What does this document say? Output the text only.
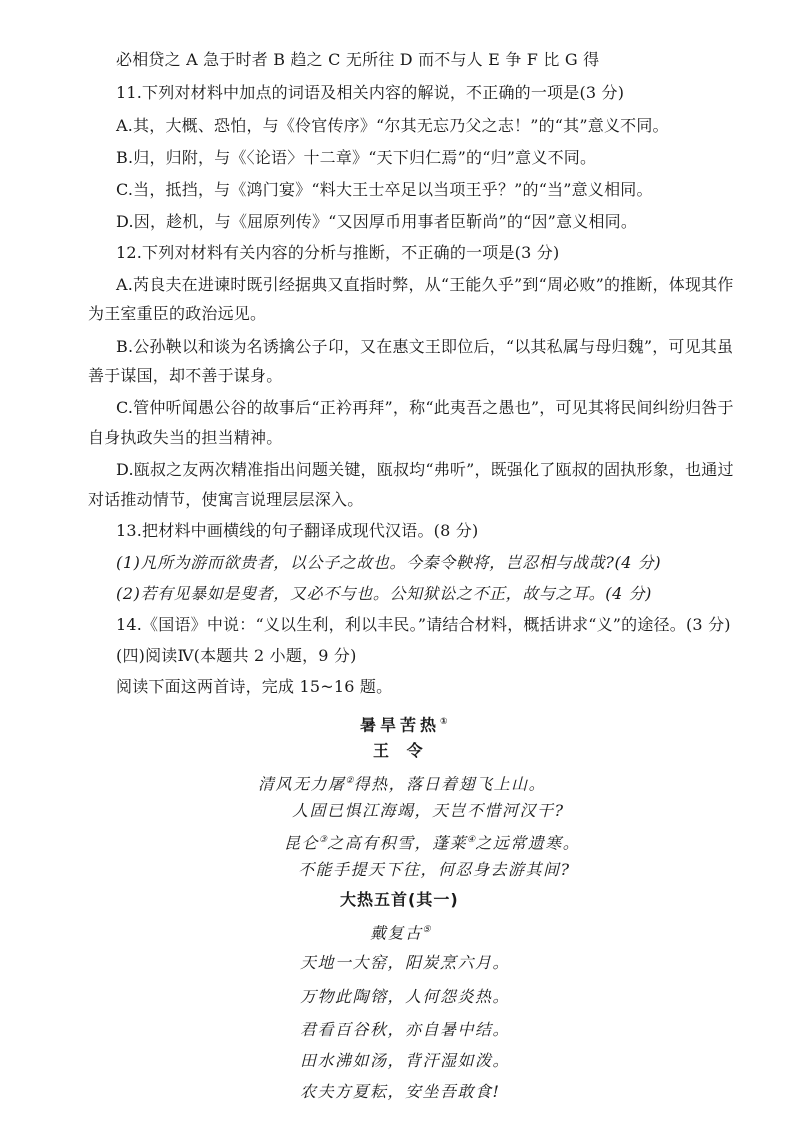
必相贷之 A 急于时者 B 趋之 C 无所往 D 而不与人 E 争 F 比 G 得
11.下列对材料中加点的词语及相关内容的解说，不正确的一项是(3 分)
A.其，大概、恐怕，与《伶官传序》“尔其无忘乃父之志！”的“其”意义不同。
B.归，归附，与《〈论语〉十二章》“天下归仁焉”的“归”意义不同。
C.当，抵挡，与《鸿门宴》“料大王士卒足以当项王乎？”的“当”意义相同。
D.因，趁机，与《屈原列传》“又因厚币用事者臣靳尚”的“因”意义相同。
12.下列对材料有关内容的分析与推断，不正确的一项是(3 分)
A.芮良夫在进谏时既引经据典又直指时弊，从“王能久乎”到“周必败”的推断，体现其作
为王室重臣的政治远见。
B.公孙鞅以和谈为名诱擒公子卬，又在惠文王即位后，“以其私属与母归魏”，可见其虽
善于谋国，却不善于谋身。
C.管仲听闻愚公谷的故事后“正衿再拜”，称“此夷吾之愚也”，可见其将民间纠纷归咎于
自身执政失当的担当精神。
D.瓯叔之友两次精准指出问题关键，瓯叔均“弗听”，既强化了瓯叔的固执形象，也通过
对话推动情节，使寓言说理层层深入。
13.把材料中画横线的句子翻译成现代汉语。(8 分)
(1)凡所为游而欲贵者，以公子之故也。今秦令鞅将，岂忍相与战哉?(4 分)
(2)若有见暴如是叟者，又必不与也。公知狱讼之不正，故与之耳。(4 分)
14.《国语》中说：“义以生利，利以丰民。”请结合材料，概括讲求“义”的途径。(3 分)
(四)阅读Ⅳ(本题共 2 小题，9 分)
阅读下面这两首诗，完成 15~16 题。
暑旱苦热①
王 令
清风无力屠②得热，落日着翅飞上山。
人固已惧江海竭，天岂不惜河汉干?
昆仑③之高有积雪，蓬莱④之远常遗寒。
不能手提天下往，何忍身去游其间?
大热五首(其一)
戴复古⑤
天地一大窑，阳炭烹六月。
万物此陶镕，人何怨炎热。
君看百谷秋，亦自暑中结。
田水沸如汤，背汗湿如泼。
农夫方夏耘，安坐吾敢食!
